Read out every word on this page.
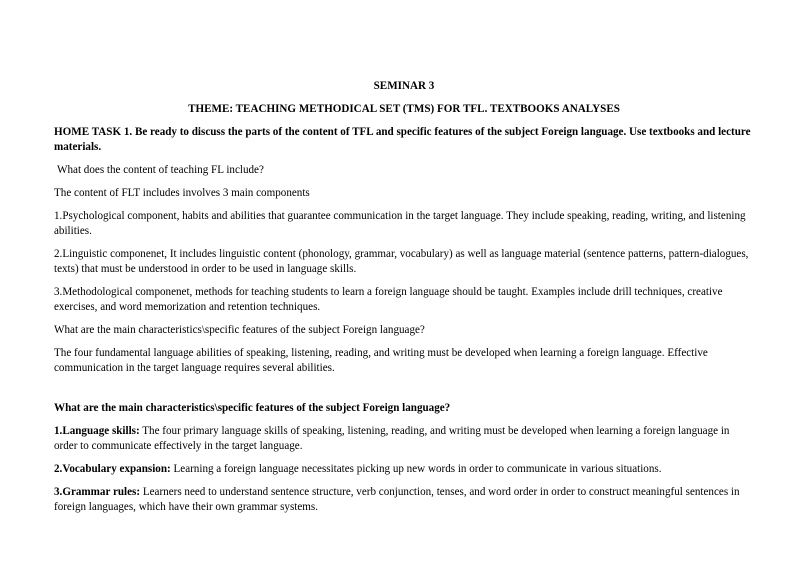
SEMINAR 3

THEME: TEACHING METHODICAL SET (TMS) FOR TFL. TEXTBOOKS ANALYSES

HOME TASK 1. Be ready to discuss the parts of the content of TFL and specific features of the subject Foreign language. Use textbooks and lecture materials.

What does the content of teaching FL include?

The content of FLT includes involves 3 main components

1.Psychological component, habits and abilities that guarantee communication in the target language. They include speaking, reading, writing, and listening abilities.

2.Linguistic componenet, It includes linguistic content (phonology, grammar, vocabulary) as well as language material (sentence patterns, pattern-dialogues, texts) that must be understood in order to be used in language skills.

3.Methodological componenet, methods for teaching students to learn a foreign language should be taught. Examples include drill techniques, creative exercises, and word memorization and retention techniques.

What are the main characteristics\specific features of the subject Foreign language?

The four fundamental language abilities of speaking, listening, reading, and writing must be developed when learning a foreign language. Effective communication in the target language requires several abilities.

What are the main characteristics\specific features of the subject Foreign language?

1.Language skills: The four primary language skills of speaking, listening, reading, and writing must be developed when learning a foreign language in order to communicate effectively in the target language.

2.Vocabulary expansion: Learning a foreign language necessitates picking up new words in order to communicate in various situations.

3.Grammar rules: Learners need to understand sentence structure, verb conjunction, tenses, and word order in order to construct meaningful sentences in foreign languages, which have their own grammar systems.
